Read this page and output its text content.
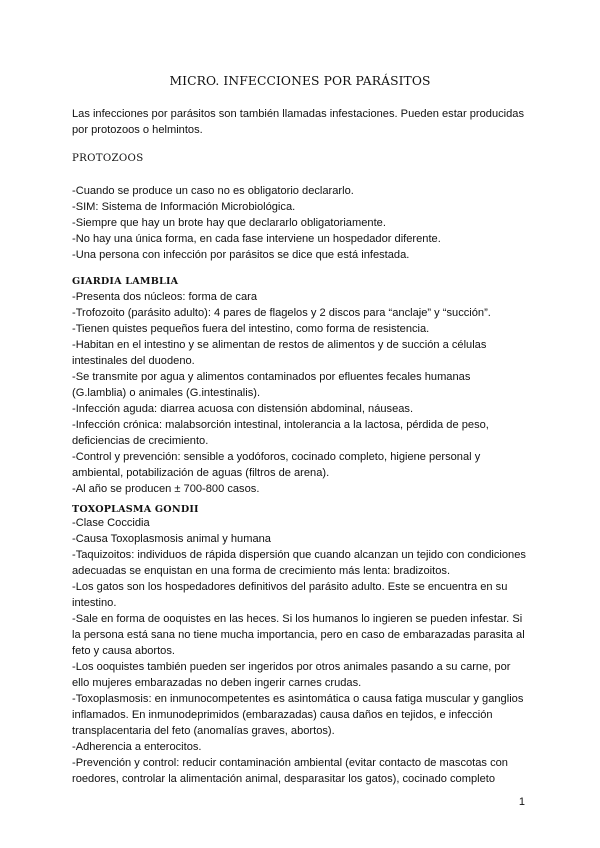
MICRO. INFECCIONES POR PARÁSITOS
Las infecciones por parásitos son también llamadas infestaciones. Pueden estar producidas
por protozoos o helmintos.
PROTOZOOS
-Cuando se produce un caso no es obligatorio declararlo.
-SIM: Sistema de Información Microbiológica.
-Siempre que hay un brote hay que declararlo obligatoriamente.
-No hay una única forma, en cada fase interviene un hospedador diferente.
-Una persona con infección por parásitos se dice que está infestada.
GIARDIA LAMBLIA
-Presenta dos núcleos: forma de cara
-Trofozoito (parásito adulto): 4 pares de flagelos y 2 discos para “anclaje” y “succión”.
-Tienen quistes pequeños fuera del intestino, como forma de resistencia.
-Habitan en el intestino y se alimentan de restos de alimentos y de succión a células
intestinales del duodeno.
-Se transmite por agua y alimentos contaminados por efluentes fecales humanas
(G.lamblia) o animales (G.intestinalis).
-Infección aguda: diarrea acuosa con distensión abdominal, náuseas.
-Infección crónica: malabsorción intestinal, intolerancia a la lactosa, pérdida de peso,
deficiencias de crecimiento.
-Control y prevención: sensible a yodóforos, cocinado completo, higiene personal y
ambiental, potabilización de aguas (filtros de arena).
-Al año se producen ± 700-800 casos.
TOXOPLASMA GONDII
-Clase Coccidia
-Causa Toxoplasmosis animal y humana
-Taquizoitos: individuos de rápida dispersión que cuando alcanzan un tejido con condiciones
adecuadas se enquistan en una forma de crecimiento más lenta: bradizoitos.
-Los gatos son los hospedadores definitivos del parásito adulto. Este se encuentra en su
intestino.
-Sale en forma de ooquistes en las heces. Si los humanos lo ingieren se pueden infestar. Si
la persona está sana no tiene mucha importancia, pero en caso de embarazadas parasita al
feto y causa abortos.
-Los ooquistes también pueden ser ingeridos por otros animales pasando a su carne, por
ello mujeres embarazadas no deben ingerir carnes crudas.
-Toxoplasmosis: en inmunocompetentes es asintomática o causa fatiga muscular y ganglios
inflamados. En inmunodeprimidos (embarazadas) causa daños en tejidos, e infección
transplacentaria del feto (anomalías graves, abortos).
-Adherencia a enterocitos.
-Prevención y control: reducir contaminación ambiental (evitar contacto de mascotas con
roedores, controlar la alimentación animal, desparasitar los gatos), cocinado completo
1
